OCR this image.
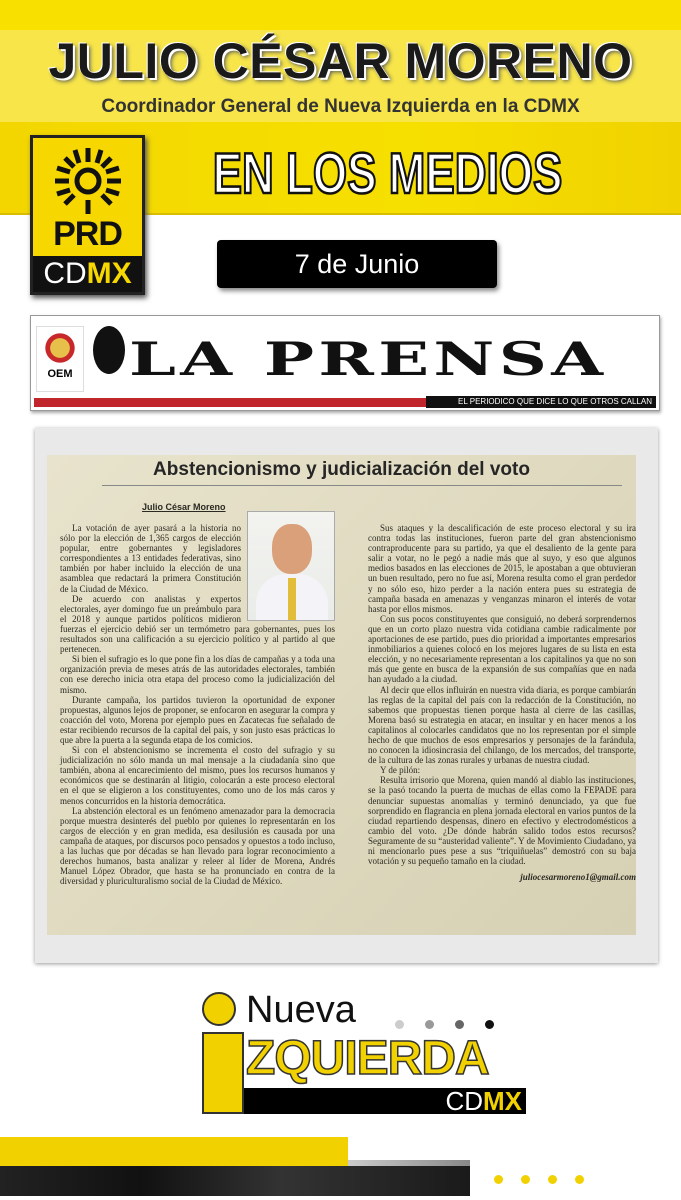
JULIO CÉSAR MORENO
Coordinador General de Nueva Izquierda en la CDMX
PRD
CDMX
EN LOS MEDIOS
7 de Junio
OEM LA PRENSA
EL PERIODICO QUE DICE LO QUE OTROS CALLAN
Abstencionismo y judicialización del voto
Julio César Moreno

La votación de ayer pasará a la historia no sólo por la elección de 1,365 cargos de elección popular, entre gobernantes y legisladores correspondientes a 13 entidades federativas, sino también por haber incluido la elección de una asamblea que redactará la primera Constitución de la Ciudad de México.

De acuerdo con analistas y expertos electorales, ayer domingo fue un preámbulo para el 2018 y aunque partidos políticos midieron fuerzas el ejercicio debió ser un termómetro para gobernantes, pues los resultados son una calificación a su ejercicio político y al partido al que pertenecen.

Si bien el sufragio es lo que pone fin a los días de campañas y a toda una organización previa de meses atrás de las autoridades electorales, también con ese derecho inicia otra etapa del proceso como la judicialización del mismo.

Durante campaña, los partidos tuvieron la oportunidad de exponer propuestas, algunos lejos de proponer, se enfocaron en asegurar la compra y coacción del voto, Morena por ejemplo pues en Zacatecas fue señalado de estar recibiendo recursos de la capital del país, y son justo esas prácticas lo que abre la puerta a la segunda etapa de los comicios.

Si con el abstencionismo se incrementa el costo del sufragio y su judicialización no sólo manda un mal mensaje a la ciudadanía sino que también, abona al encarecimiento del mismo, pues los recursos humanos y económicos que se destinarán al litigio, colocarán a este proceso electoral en el que se eligieron a los constituyentes, como uno de los más caros y menos concurridos en la historia democrática.

La abstención electoral es un fenómeno amenazador para la democracia porque muestra desinterés del pueblo por quienes lo representarán en los cargos de elección y en gran medida, esa desilusión es causada por una campaña de ataques, por discursos poco pensados y opuestos a todo incluso, a las luchas que por décadas se han llevado para lograr reconocimiento a derechos humanos, basta analizar y releer al líder de Morena, Andrés Manuel López Obrador, que hasta se ha pronunciado en contra de la diversidad y pluriculturalismo social de la Ciudad de México.

Sus ataques y la descalificación de este proceso electoral y su ira contra todas las instituciones, fueron parte del gran abstencionismo contraproducente para su partido, ya que el desaliento de la gente para salir a votar, no le pegó a nadie más que al suyo, y eso que algunos medios basados en las elecciones de 2015, le apostaban a que obtuvieran un buen resultado, pero no fue así, Morena resulta como el gran perdedor y no sólo eso, hizo perder a la nación entera pues su estrategia de campaña basada en amenazas y venganzas minaron el interés de votar hasta por ellos mismos.

Con sus pocos constituyentes que consiguió, no deberá sorprendernos que en un corto plazo nuestra vida cotidiana cambie radicalmente por aportaciones de ese partido, pues dio prioridad a importantes empresarios inmobiliarios a quienes colocó en los mejores lugares de su lista en esta elección, y no necesariamente representan a los capitalinos ya que no son más que gente en busca de la expansión de sus compañías que en nada han ayudado a la ciudad.

Al decir que ellos influirán en nuestra vida diaria, es porque cambiarán las reglas de la capital del país con la redacción de la Constitución, no sabemos que propuestas tienen porque hasta al cierre de las casillas, Morena basó su estrategia en atacar, en insultar y en hacer menos a los capitalinos al colocarles candidatos que no los representan por el simple hecho de que muchos de esos empresarios y personajes de la farándula, no conocen la idiosincrasia del chilango, de los mercados, del transporte, de la cultura de las zonas rurales y urbanas de nuestra ciudad.

Y de pilón:

Resulta irrisorio que Morena, quien mandó al diablo las instituciones, se la pasó tocando la puerta de muchas de ellas como la FEPADE para denunciar supuestas anomalías y terminó denunciado, ya que fue sorprendido en flagrancia en plena jornada electoral en varios puntos de la ciudad repartiendo despensas, dinero en efectivo y electrodomésticos a cambio del voto. ¿De dónde habrán salido todos estos recursos? Seguramente de su “austeridad valiente”. Y de Movimiento Ciudadano, ya ni mencionarlo pues pese a sus “triquiñuelas” demostró con su baja votación y su pequeño tamaño en la ciudad.

juliocesarmoreno1@gmail.com
Nueva
ZQUIERDA
CDMX
